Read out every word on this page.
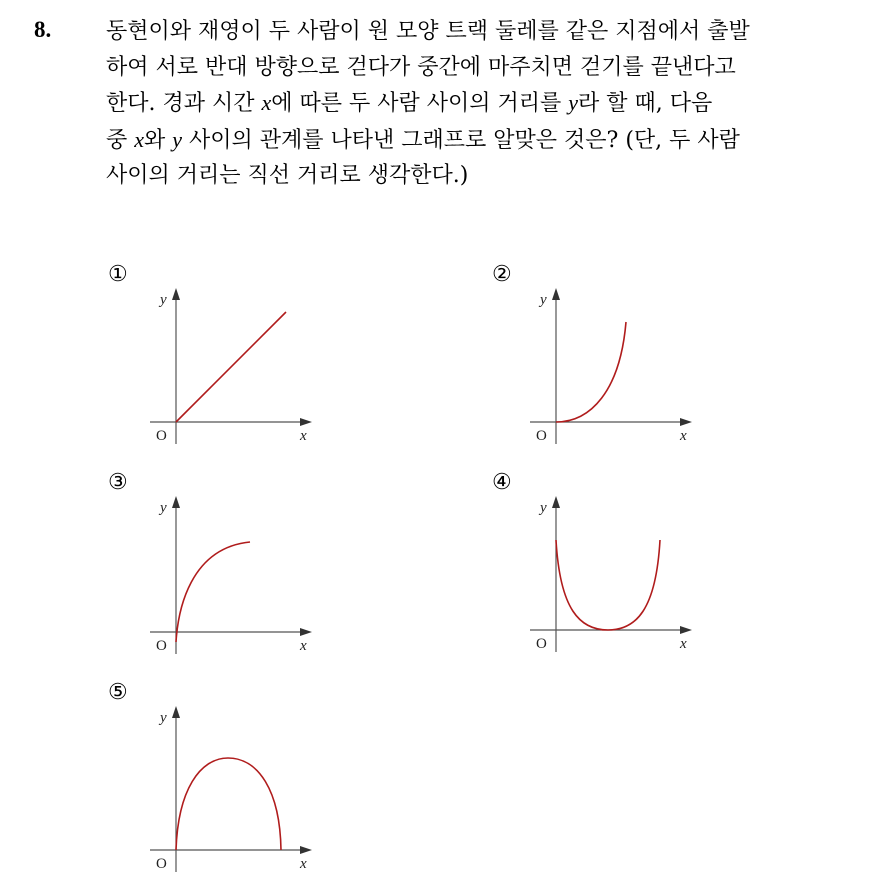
8. 동현이와 재영이 두 사람이 원 모양 트랙 둘레를 같은 지점에서 출발
하여 서로 반대 방향으로 걷다가 중간에 마주치면 걷기를 끝낸다고
한다. 경과 시간 x에 따른 두 사람 사이의 거리를 y라 할 때, 다음
중 x와 y 사이의 관계를 나타낸 그래프로 알맞은 것은? (단, 두 사람
사이의 거리는 직선 거리로 생각한다.)
①
y
x
O
②
y
x
O
③
y
x
O
④
y
x
O
⑤
y
x
O
